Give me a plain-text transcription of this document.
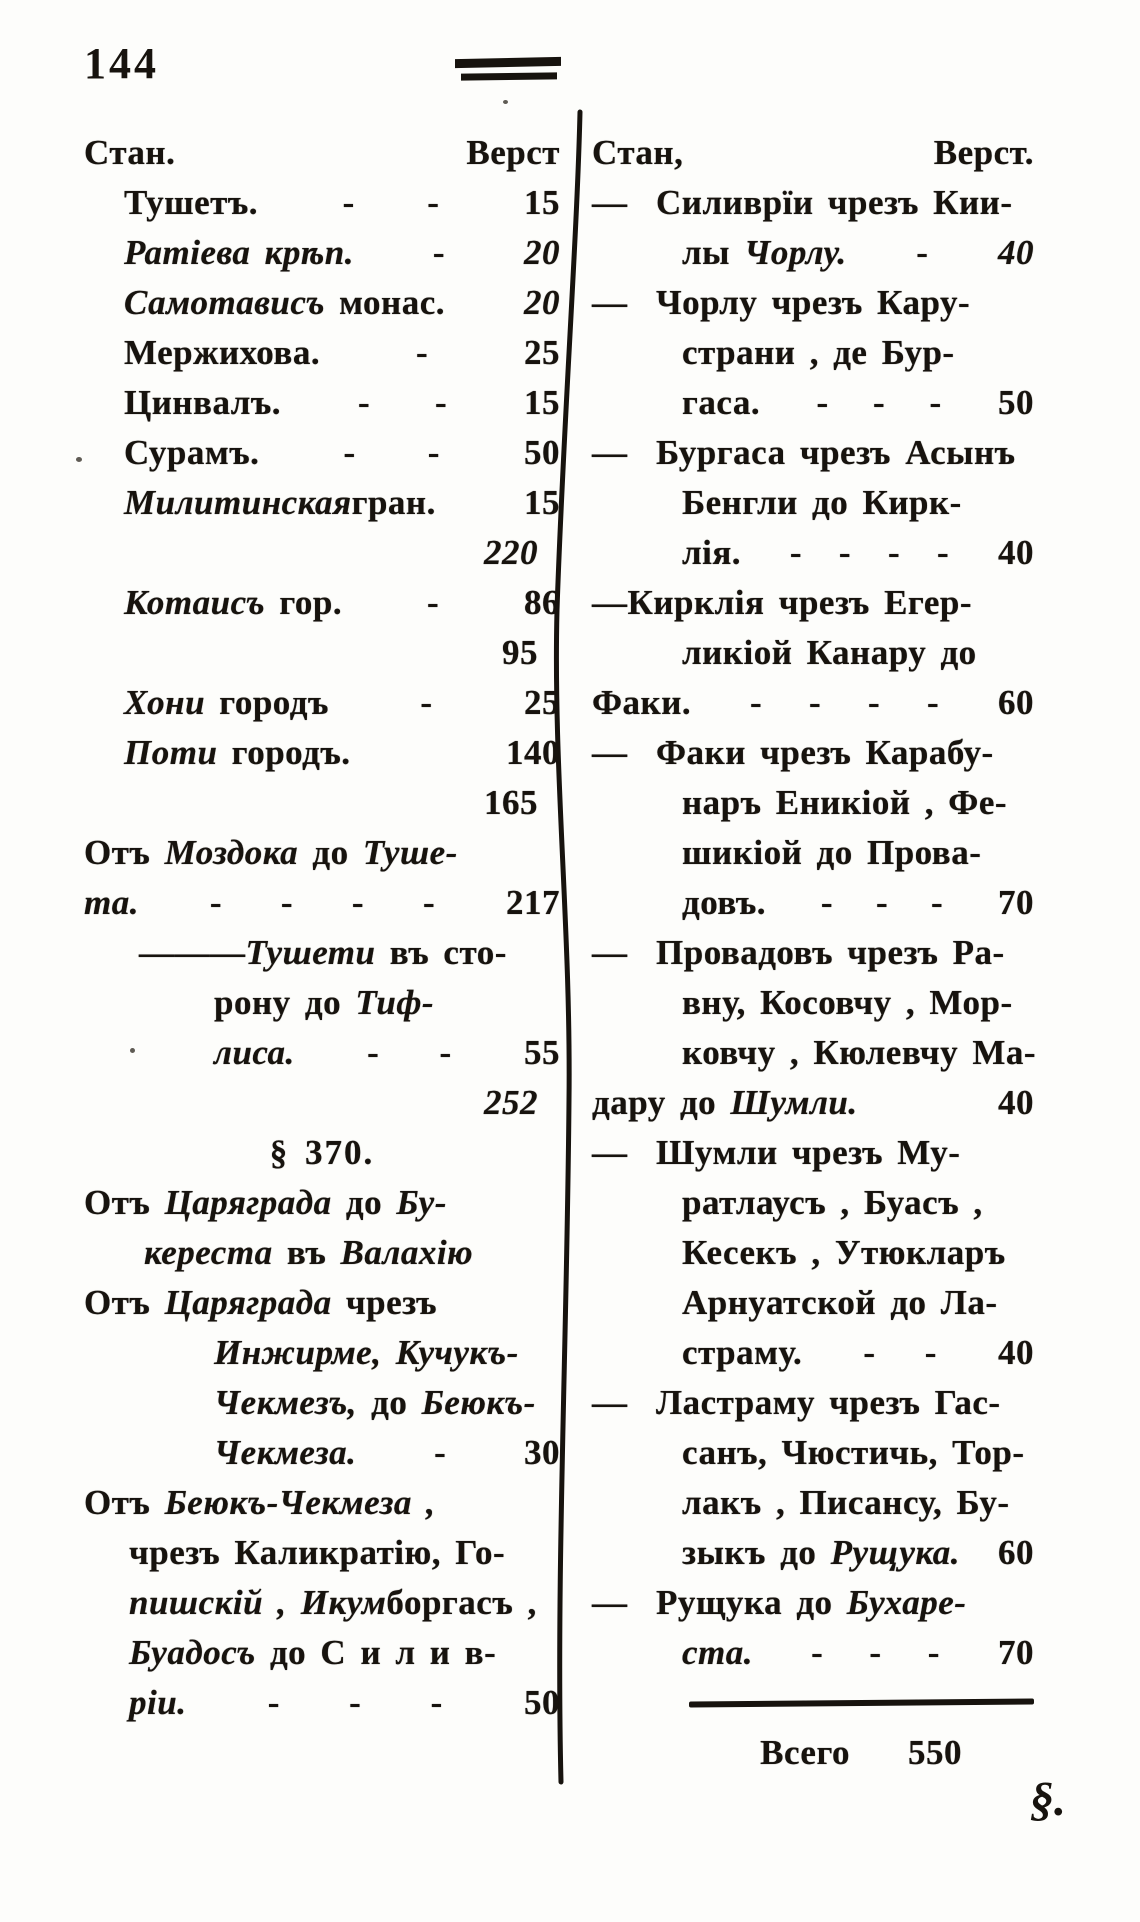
144
Стан.	Верст
Тушетъ. - - 15
Ратіева крѣп. - 20
Самотависъ монас. 20
Мержихова.	-	25
Цинвалъ. - - 15
Сурамъ. - - 50
Милитинская гран.	15
220
Котаисъ гор. - 86
95
Хони городъ	-	25
Поти городъ.	140
165
Отъ Моздока до Туше-
та. - - - - 217
——— Тушети въ сто-
рону до Тиф-
лиса. - - 55
252
§ 370.
Отъ Царяграда до Бу-
кереста въ Валахію
Отъ Царяграда чрезъ
Инжирме, Кучукъ-
Чекмезъ, до Беюкъ-
Чекмеза. - 30
Отъ Беюкъ-Чекмеза ,
чрезъ Каликратію, Го-
пишскій , Икум боргасъ ,
Буадосъ до С и л и в-
ріи. - - - 50
Стан,	Верст.
—  Силиврїи чрезъ Кии-
лы Чорлу. - 40
—  Чорлу чрезъ Кару-
страни , де Бур-
гаса. - - - 50
—  Бургаса чрезъ Асынъ
Бенгли до Кирк-
лія. - - - - 40
—Кирклія чрезъ Егер-
ликіой Канару до
Факи. - - - - 60
—  Факи чрезъ Карабу-
наръ Еникіой , Фе-
шикіой до Прова-
довъ. - - - 70
—  Провадовъ чрезъ Ра-
вну, Косовчу , Мор-
ковчу , Кюлевчу Ма-
дару до Шумли.	40
—  Шумли чрезъ Му-
ратлаусъ , Буасъ ,
Кесекъ , Утюкларъ
Арнуатской до Ла-
страму. - - 40
—  Ластраму чрезъ Гас-
санъ, Чюстичь, Тор-
лакъ , Писансу, Бу-
зыкъ до Рущука. 60
—  Рущука до Бухаре-
ста. - - - 70
Всего 550
§.
